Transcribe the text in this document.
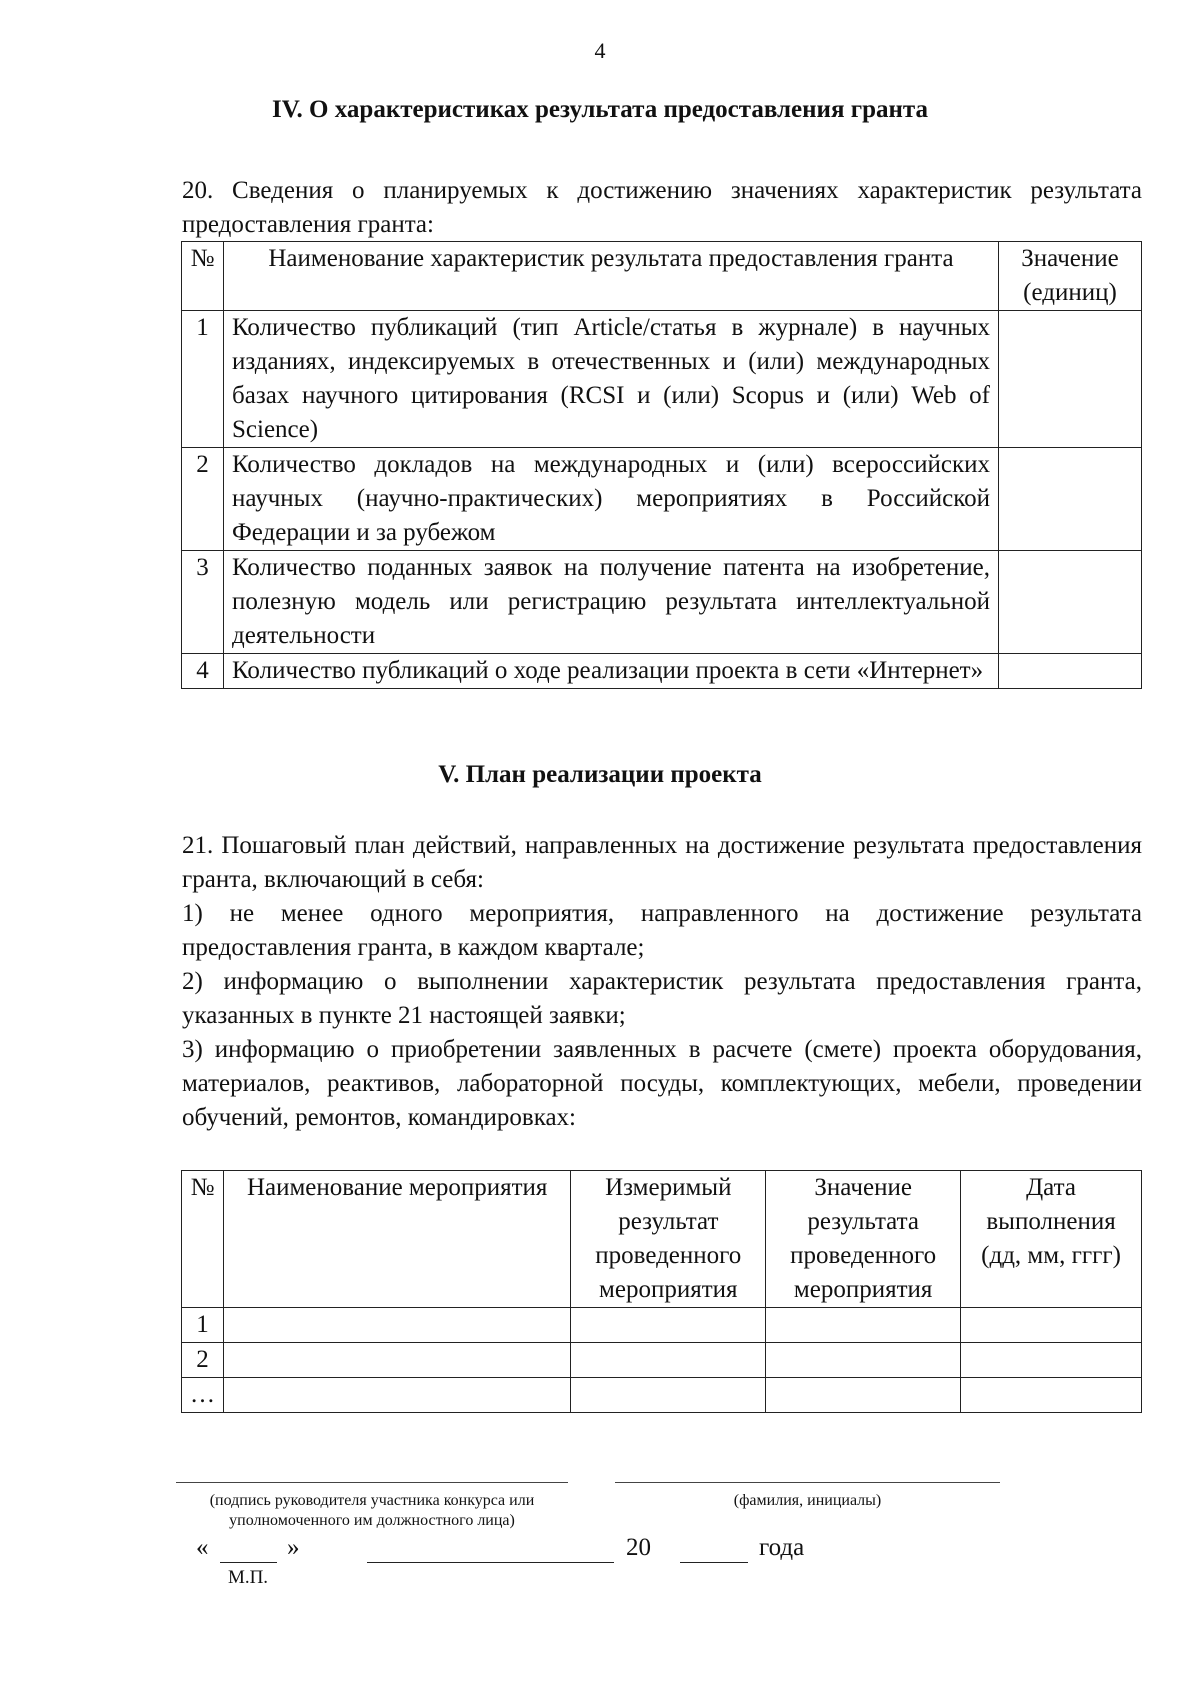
4
IV. О характеристиках результата предоставления гранта

20. Сведения о планируемых к достижению значениях характеристик результата предоставления гранта:

№	Наименование характеристик результата предоставления гранта	Значение (единиц)
1	Количество публикаций (тип Article/статья в журнале) в научных изданиях, индексируемых в отечественных и (или) международных базах научного цитирования (RCSI и (или) Scopus и (или) Web of Science)	
2	Количество докладов на международных и (или) всероссийских научных (научно-практических) мероприятиях в Российской Федерации и за рубежом	
3	Количество поданных заявок на получение патента на изобретение, полезную модель или регистрацию результата интеллектуальной деятельности	
4	Количество публикаций о ходе реализации проекта в сети «Интернет»	
V. План реализации проекта

21. Пошаговый план действий, направленных на достижение результата предоставления гранта, включающий в себя:

1) не менее одного мероприятия, направленного на достижение результата предоставления гранта, в каждом квартале;

2) информацию о выполнении характеристик результата предоставления гранта, указанных в пункте 21 настоящей заявки;

3) информацию о приобретении заявленных в расчете (смете) проекта оборудования, материалов, реактивов, лабораторной посуды, комплектующих, мебели, проведении обучений, ремонтов, командировках:

№	Наименование мероприятия	Измеримый результат проведенного мероприятия	Значение результата проведенного мероприятия	Дата выполнения (дд, мм, гггг)
1				
2				
…				
(подпись руководителя участника конкурса или уполномоченного им должностного лица)
(фамилия, инициалы)
«	»	20	года
М.П.
